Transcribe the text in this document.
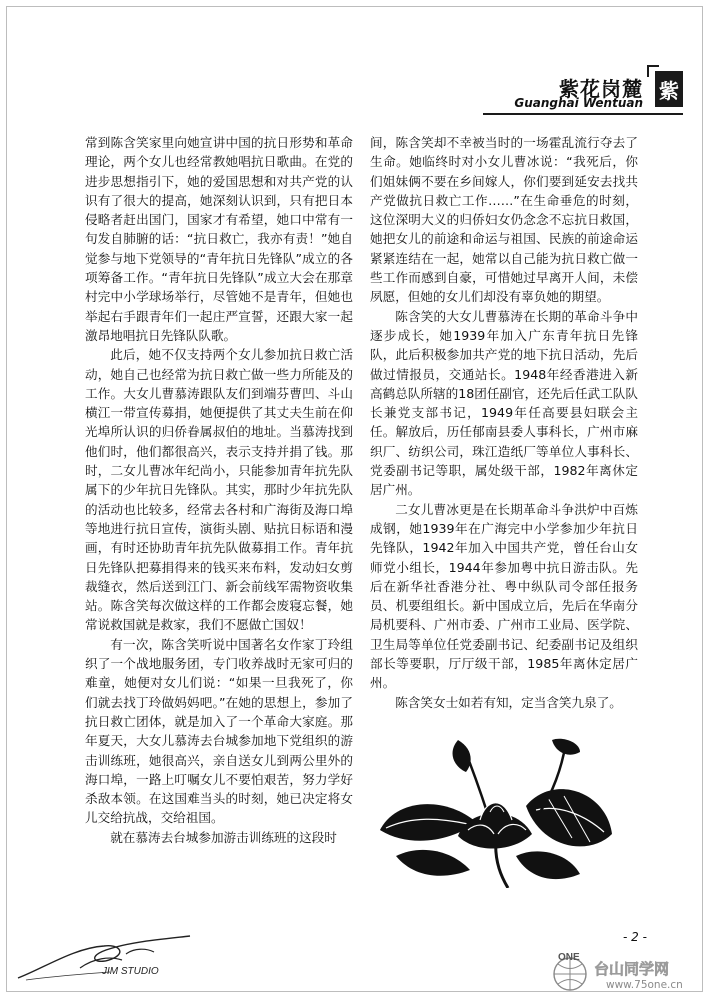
紫花岗麓
Guanghai Wentuan
紫

常到陈含笑家里向她宣讲中国的抗日形势和革命理论，两个女儿也经常教她唱抗日歌曲。在党的进步思想指引下，她的爱国思想和对共产党的认识有了很大的提高，她深刻认识到，只有把日本侵略者赶出国门，国家才有希望，她口中常有一句发自肺腑的话：“抗日救亡，我亦有责！”她自觉参与地下党领导的“青年抗日先锋队”成立的各项筹备工作。“青年抗日先锋队”成立大会在那章村完中小学球场举行，尽管她不是青年，但她也举起右手跟青年们一起庄严宣誓，还跟大家一起激昂地唱抗日先锋队队歌。

此后，她不仅支持两个女儿参加抗日救亡活动，她自己也经常为抗日救亡做一些力所能及的工作。大女儿曹慕涛跟队友们到端芬曹凹、斗山横江一带宣传募捐，她便提供了其丈夫生前在仰光埠所认识的归侨眷属叔伯的地址。当慕涛找到他们时，他们都很高兴，表示支持并捐了钱。那时，二女儿曹冰年纪尚小，只能参加青年抗先队属下的少年抗日先锋队。其实，那时少年抗先队的活动也比较多，经常去各村和广海街及海口埠等地进行抗日宣传，演街头剧、贴抗日标语和漫画，有时还协助青年抗先队做募捐工作。青年抗日先锋队把募捐得来的钱买来布料，发动妇女剪裁缝衣，然后送到江门、新会前线军需物资收集站。陈含笑每次做这样的工作都会废寝忘餐，她常说救国就是救家，我们不愿做亡国奴！

有一次，陈含笑听说中国著名女作家丁玲组织了一个战地服务团，专门收养战时无家可归的难童，她便对女儿们说：“如果一旦我死了，你们就去找丁玲做妈妈吧。”在她的思想上，参加了抗日救亡团体，就是加入了一个革命大家庭。那年夏天，大女儿慕涛去台城参加地下党组织的游击训练班，她很高兴，亲自送女儿到两公里外的海口埠，一路上叮嘱女儿不要怕艰苦，努力学好杀敌本领。在这国难当头的时刻，她已决定将女儿交给抗战，交给祖国。

就在慕涛去台城参加游击训练班的这段时

间，陈含笑却不幸被当时的一场霍乱流行夺去了生命。她临终时对小女儿曹冰说：“我死后，你们姐妹俩不要在乡间嫁人，你们要到延安去找共产党做抗日救亡工作……”在生命垂危的时刻，这位深明大义的归侨妇女仍念念不忘抗日救国，她把女儿的前途和命运与祖国、民族的前途命运紧紧连结在一起，她常以自己能为抗日救亡做一些工作而感到自豪，可惜她过早离开人间，未偿夙愿，但她的女儿们却没有辜负她的期望。

陈含笑的大女儿曹慕涛在长期的革命斗争中逐步成长，她1939年加入广东青年抗日先锋队，此后积极参加共产党的地下抗日活动，先后做过情报员，交通站长。1948年经香港进入新高鹤总队所辖的18团任副官，还先后任武工队队长兼党支部书记，1949年任高要县妇联会主任。解放后，历任郁南县委人事科长，广州市麻织厂、纺织公司，珠江造纸厂等单位人事科长、党委副书记等职，属处级干部，1982年离休定居广州。

二女儿曹冰更是在长期革命斗争洪炉中百炼成钢，她1939年在广海完中小学参加少年抗日先锋队，1942年加入中国共产党，曾任台山女师党小组长，1944年参加粤中抗日游击队。先后在新华社香港分社、粤中纵队司令部任报务员、机要组组长。新中国成立后，先后在华南分局机要科、广州市委、广州市工业局、医学院、卫生局等单位任党委副书记、纪委副书记及组织部长等要职，厅厅级干部，1985年离休定居广州。

陈含笑女士如若有知，定当含笑九泉了。

- 2 -
JIM STUDIO
ONE
台山同学网
www.75one.cn
